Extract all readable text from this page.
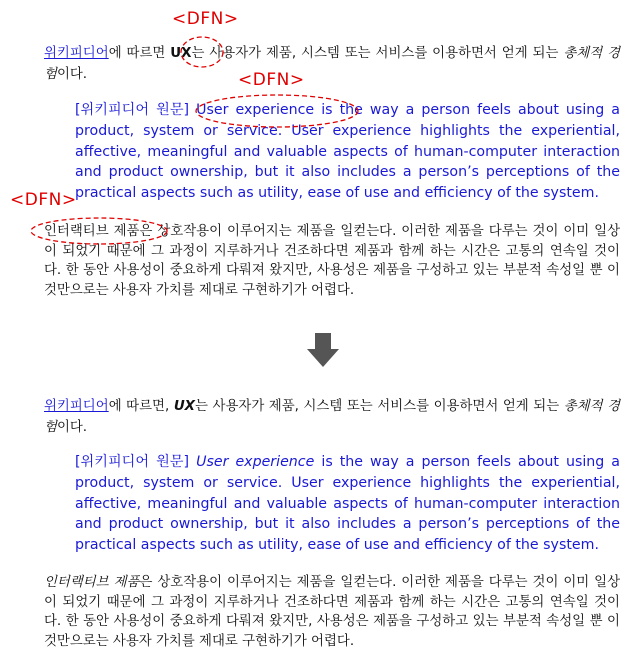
<DFN>
<DFN>
<DFN>
위키피디어에 따르면 UX는 사용자가 제품, 시스템 또는 서비스를 이용하면서 얻게 되는 총체적 경험이다.
[위키피디어 원문] User experience is the way a person feels about using a product, system or service. User experience highlights the experiential, affective, meaningful and valuable aspects of human-computer interaction and product ownership, but it also includes a person’s perceptions of the practical aspects such as utility, ease of use and efficiency of the system.
인터랙티브 제품은 상호작용이 이루어지는 제품을 일컫는다. 이러한 제품을 다루는 것이 이미 일상이 되었기 때문에 그 과정이 지루하거나 건조하다면 제품과 함께 하는 시간은 고통의 연속일 것이다. 한 동안 사용성이 중요하게 다뤄져 왔지만, 사용성은 제품을 구성하고 있는 부분적 속성일 뿐 이것만으로는 사용자 가치를 제대로 구현하기가 어렵다.
위키피디어에 따르면, UX는 사용자가 제품, 시스템 또는 서비스를 이용하면서 얻게 되는 총체적 경험이다.
[위키피디어 원문] User experience is the way a person feels about using a product, system or service. User experience highlights the experiential, affective, meaningful and valuable aspects of human-computer interaction and product ownership, but it also includes a person’s perceptions of the practical aspects such as utility, ease of use and efficiency of the system.
인터랙티브 제품은 상호작용이 이루어지는 제품을 일컫는다. 이러한 제품을 다루는 것이 이미 일상이 되었기 때문에 그 과정이 지루하거나 건조하다면 제품과 함께 하는 시간은 고통의 연속일 것이다. 한 동안 사용성이 중요하게 다뤄져 왔지만, 사용성은 제품을 구성하고 있는 부분적 속성일 뿐 이것만으로는 사용자 가치를 제대로 구현하기가 어렵다.
